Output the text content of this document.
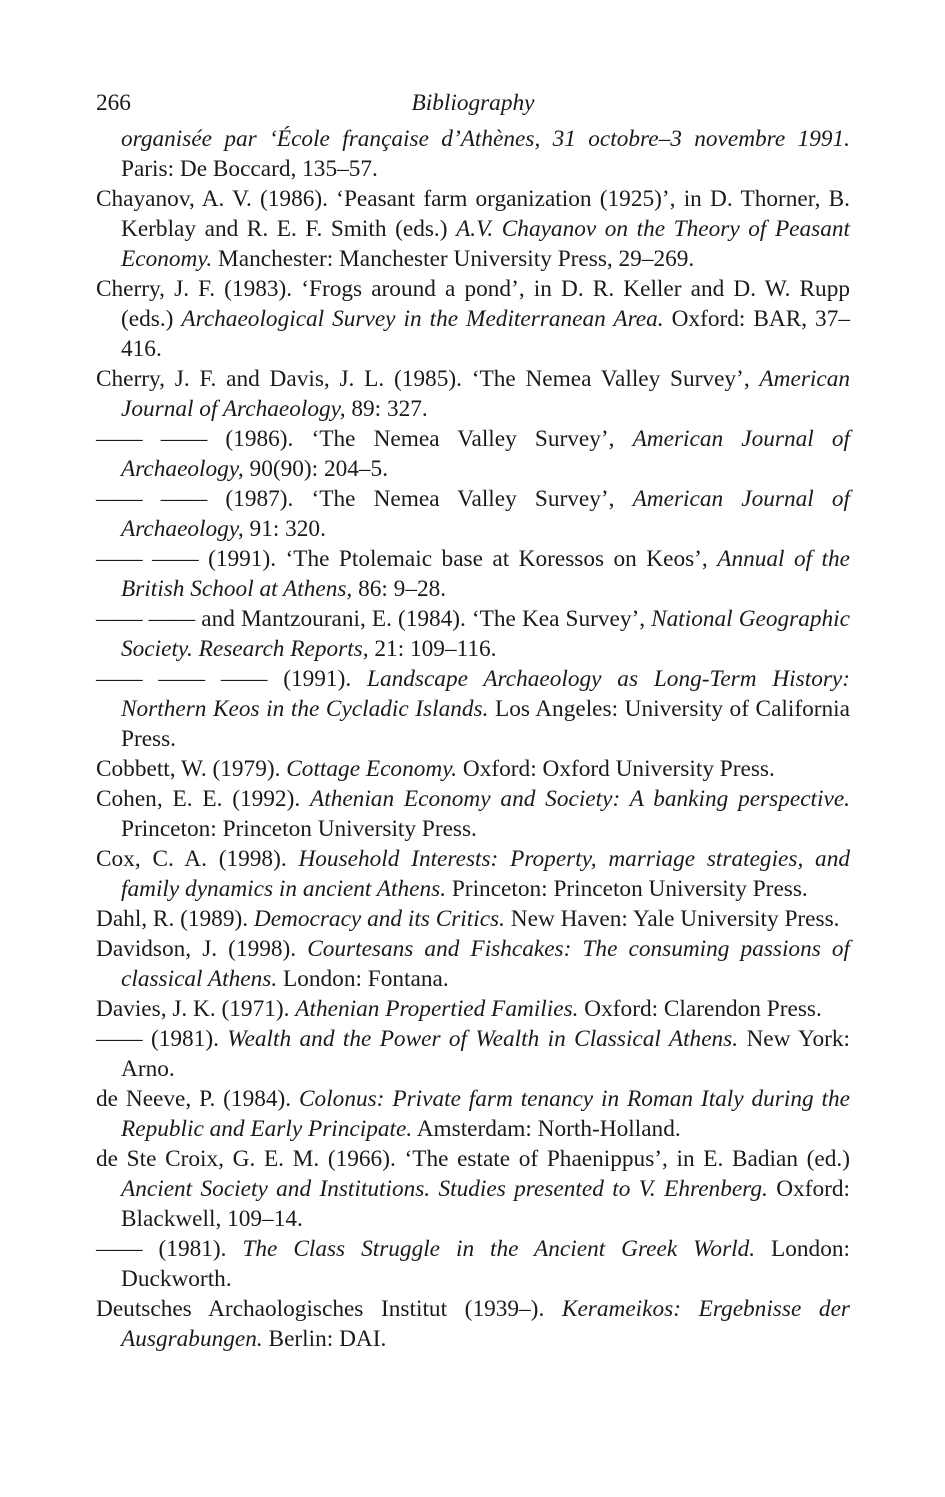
266	Bibliography
organisée par ‘École française d’Athènes, 31 octobre–3 novembre 1991. Paris: De Boccard, 135–57.
Chayanov, A. V. (1986). ‘Peasant farm organization (1925)’, in D. Thorner, B. Kerblay and R. E. F. Smith (eds.) A.V. Chayanov on the Theory of Peasant Economy. Manchester: Manchester University Press, 29–269.
Cherry, J. F. (1983). ‘Frogs around a pond’, in D. R. Keller and D. W. Rupp (eds.) Archaeological Survey in the Mediterranean Area. Oxford: BAR, 37–416.
Cherry, J. F. and Davis, J. L. (1985). ‘The Nemea Valley Survey’, American Journal of Archaeology, 89: 327.
—— —— (1986). ‘The Nemea Valley Survey’, American Journal of Archaeology, 90(90): 204–5.
—— —— (1987). ‘The Nemea Valley Survey’, American Journal of Archaeology, 91: 320.
—— —— (1991). ‘The Ptolemaic base at Koressos on Keos’, Annual of the British School at Athens, 86: 9–28.
—— —— and Mantzourani, E. (1984). ‘The Kea Survey’, National Geographic Society. Research Reports, 21: 109–116.
—— —— —— (1991). Landscape Archaeology as Long-Term History: Northern Keos in the Cycladic Islands. Los Angeles: University of California Press.
Cobbett, W. (1979). Cottage Economy. Oxford: Oxford University Press.
Cohen, E. E. (1992). Athenian Economy and Society: A banking perspective. Princeton: Princeton University Press.
Cox, C. A. (1998). Household Interests: Property, marriage strategies, and family dynamics in ancient Athens. Princeton: Princeton University Press.
Dahl, R. (1989). Democracy and its Critics. New Haven: Yale University Press.
Davidson, J. (1998). Courtesans and Fishcakes: The consuming passions of classical Athens. London: Fontana.
Davies, J. K. (1971). Athenian Propertied Families. Oxford: Clarendon Press.
—— (1981). Wealth and the Power of Wealth in Classical Athens. New York: Arno.
de Neeve, P. (1984). Colonus: Private farm tenancy in Roman Italy during the Republic and Early Principate. Amsterdam: North-Holland.
de Ste Croix, G. E. M. (1966). ‘The estate of Phaenippus’, in E. Badian (ed.) Ancient Society and Institutions. Studies presented to V. Ehrenberg. Oxford: Blackwell, 109–14.
—— (1981). The Class Struggle in the Ancient Greek World. London: Duckworth.
Deutsches Archaologisches Institut (1939–). Kerameikos: Ergebnisse der Ausgrabungen. Berlin: DAI.
